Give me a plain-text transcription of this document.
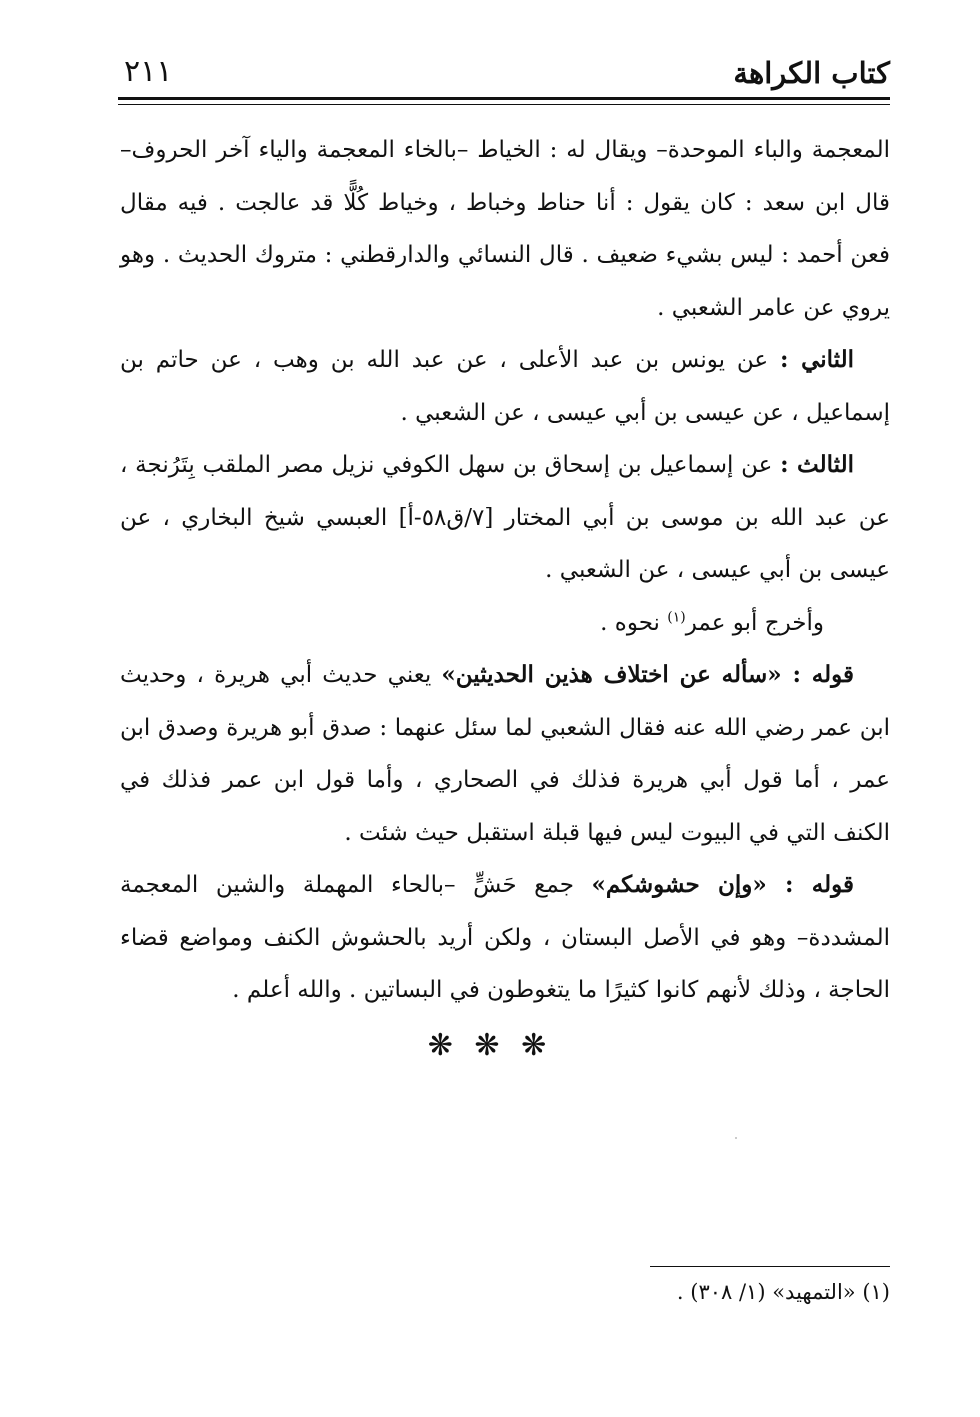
كتاب الكراهة
٢١١

المعجمة والباء الموحدة– ويقال له : الخياط –بالخاء المعجمة والياء آخر الحروف– قال ابن سعد : كان يقول : أنا حناط وخباط ، وخياط كُلًّا قد عالجت . فيه مقال فعن أحمد : ليس بشيء ضعيف . قال النسائي والدارقطني : متروك الحديث . وهو يروي عن عامر الشعبي .

الثاني : عن يونس بن عبد الأعلى ، عن عبد الله بن وهب ، عن حاتم بن إسماعيل ، عن عيسى بن أبي عيسى ، عن الشعبي .

الثالث : عن إسماعيل بن إسحاق بن سهل الكوفي نزيل مصر الملقب بِتَرُنجة ، عن عبد الله بن موسى بن أبي المختار [٧/ق٥٨-أ] العبسي شيخ البخاري ، عن عيسى بن أبي عيسى ، عن الشعبي .

وأخرج أبو عمر$^{(١)}$ نحوه .

قوله : «سأله عن اختلاف هذين الحديثين» يعني حديث أبي هريرة ، وحديث ابن عمر رضي الله عنه فقال الشعبي لما سئل عنهما : صدق أبو هريرة وصدق ابن عمر ، أما قول أبي هريرة فذلك في الصحاري ، وأما قول ابن عمر فذلك في الكنف التي في البيوت ليس فيها قبلة استقبل حيث شئت .

قوله : «وإن حشوشكم» جمع حَشٍّ –بالحاء المهملة والشين المعجمة المشددة– وهو في الأصل البستان ، ولكن أريد بالحشوش الكنف ومواضع قضاء الحاجة ، وذلك لأنهم كانوا كثيرًا ما يتغوطون في البساتين . والله أعلم .

❋ ❋ ❋
(١) «التمهيد» (١/ ٣٠٨) .
